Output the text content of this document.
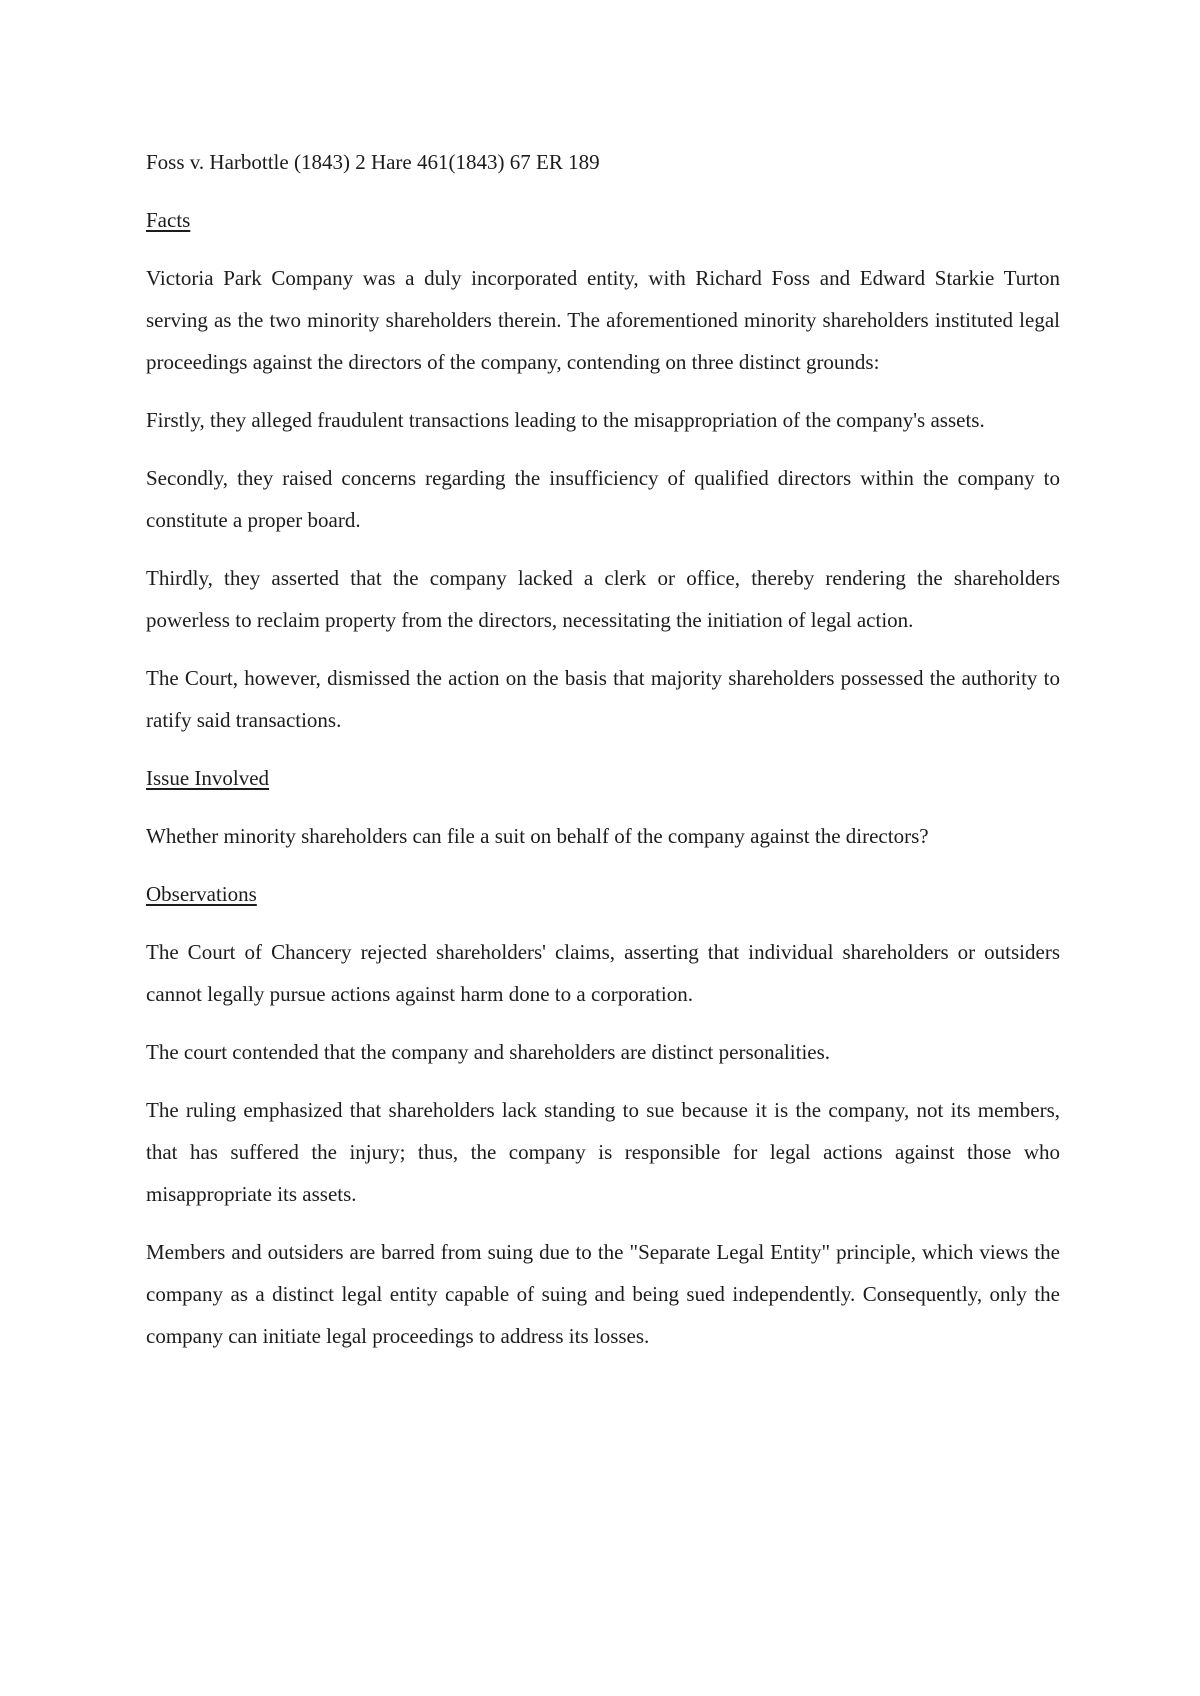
Foss v. Harbottle (1843) 2 Hare 461(1843) 67 ER 189

Facts

Victoria Park Company was a duly incorporated entity, with Richard Foss and Edward Starkie Turton serving as the two minority shareholders therein. The aforementioned minority shareholders instituted legal proceedings against the directors of the company, contending on three distinct grounds:

Firstly, they alleged fraudulent transactions leading to the misappropriation of the company's assets.

Secondly, they raised concerns regarding the insufficiency of qualified directors within the company to constitute a proper board.

Thirdly, they asserted that the company lacked a clerk or office, thereby rendering the shareholders powerless to reclaim property from the directors, necessitating the initiation of legal action.

The Court, however, dismissed the action on the basis that majority shareholders possessed the authority to ratify said transactions.

Issue Involved

Whether minority shareholders can file a suit on behalf of the company against the directors?

Observations

The Court of Chancery rejected shareholders' claims, asserting that individual shareholders or outsiders cannot legally pursue actions against harm done to a corporation.

The court contended that the company and shareholders are distinct personalities.

The ruling emphasized that shareholders lack standing to sue because it is the company, not its members, that has suffered the injury; thus, the company is responsible for legal actions against those who misappropriate its assets.

Members and outsiders are barred from suing due to the "Separate Legal Entity" principle, which views the company as a distinct legal entity capable of suing and being sued independently. Consequently, only the company can initiate legal proceedings to address its losses.
